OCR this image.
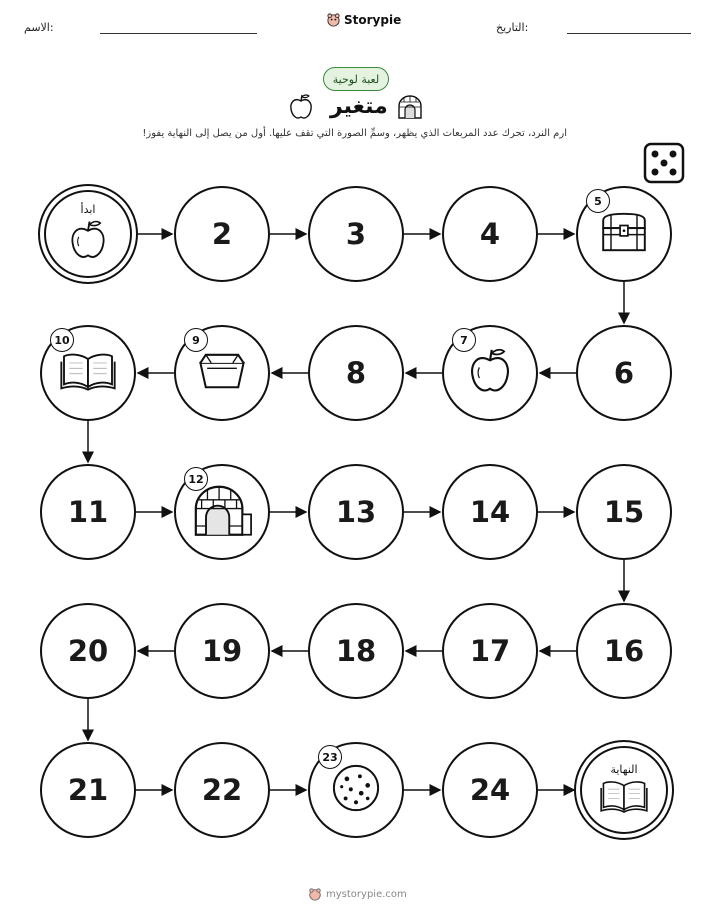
الاسم:
Storypie
التاريخ:
لعبة لوحية
متغير
ارم النرد، تحرك عدد المربعات الذي يظهر، وسمِّ الصورة التي تقف عليها. أول من يصل إلى النهاية يفوز!
ابدأ
2	3	4
5
6
7
8
9
10
11
12
13	14	15
16
17
18
19
20
21	22
23
24
النهاية
mystorypie.com
